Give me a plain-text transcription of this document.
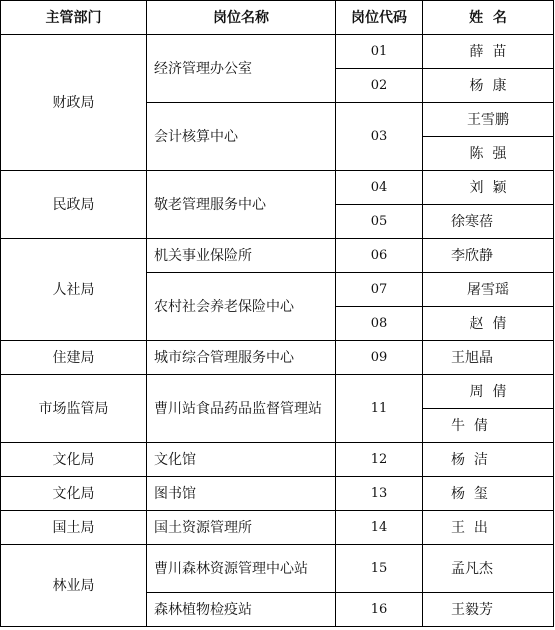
主管部门	岗位名称	岗位代码	姓  名
财政局	经济管理办公室	01	薛  苗
		02	杨  康
	会计核算中心	03	王雪鹏
			陈  强
民政局	敬老管理服务中心	04	刘  颖
		05	徐寒蓓
人社局	机关事业保险所	06	李欣静
	农村社会养老保险中心	07	屠雪瑶
		08	赵  倩
住建局	城市综合管理服务中心	09	王旭晶
市场监管局	曹川站食品药品监督管理站	11	周  倩
			牛  倩
文化局	文化馆	12	杨  洁
文化局	图书馆	13	杨  玺
国土局	国土资源管理所	14	王  出
林业局	曹川森林资源管理中心站	15	孟凡杰
	森林植物检疫站	16	王毅芳
